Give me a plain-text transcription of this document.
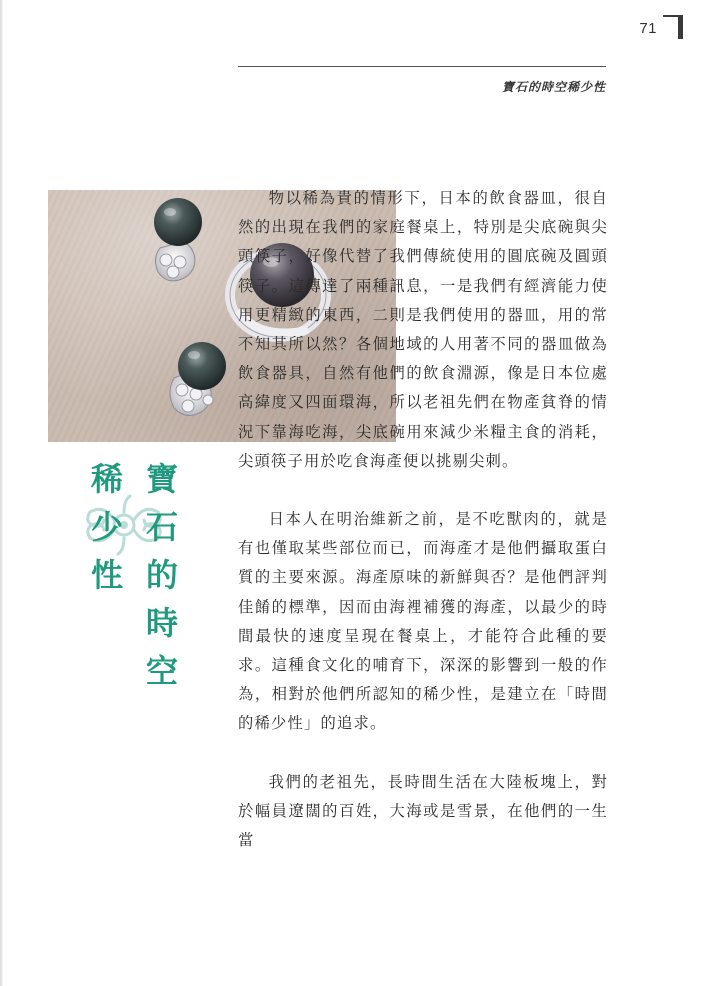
71
寶石的時空稀少性
寶石的時空
稀少性

物以稀為貴的情形下，日本的飲食器皿，很自然的出現在我們的家庭餐桌上，特別是尖底碗與尖頭筷子，好像代替了我們傳統使用的圓底碗及圓頭筷子。這傳達了兩種訊息，一是我們有經濟能力使用更精緻的東西，二則是我們使用的器皿，用的常不知其所以然？各個地域的人用著不同的器皿做為飲食器具，自然有他們的飲食淵源，像是日本位處高緯度又四面環海，所以老祖先們在物產貧脊的情況下靠海吃海，尖底碗用來減少米糧主食的消耗，尖頭筷子用於吃食海產便以挑剔尖刺。

日本人在明治維新之前，是不吃獸肉的，就是有也僅取某些部位而已，而海產才是他們攝取蛋白質的主要來源。海產原味的新鮮與否？是他們評判佳餚的標準，因而由海裡補獲的海產，以最少的時間最快的速度呈現在餐桌上，才能符合此種的要求。這種食文化的哺育下，深深的影響到一般的作為，相對於他們所認知的稀少性，是建立在「時間的稀少性」的追求。

我們的老祖先，長時間生活在大陸板塊上，對於幅員遼闊的百姓，大海或是雪景，在他們的一生當
